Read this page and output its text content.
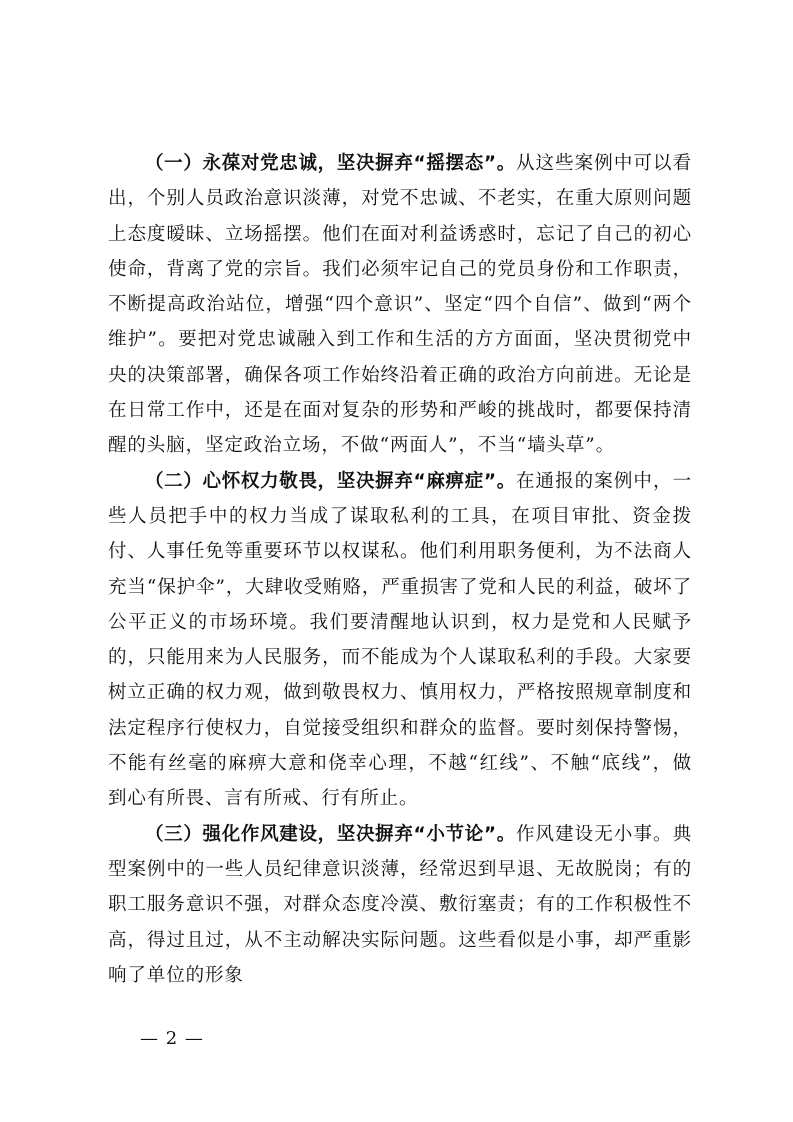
（一）永葆对党忠诚，坚决摒弃“摇摆态”。从这些案例中可以看出，个别人员政治意识淡薄，对党不忠诚、不老实，在重大原则问题上态度暧昧、立场摇摆。他们在面对利益诱惑时，忘记了自己的初心使命，背离了党的宗旨。我们必须牢记自己的党员身份和工作职责，不断提高政治站位，增强“四个意识”、坚定“四个自信”、做到“两个维护”。要把对党忠诚融入到工作和生活的方方面面，坚决贯彻党中央的决策部署，确保各项工作始终沿着正确的政治方向前进。无论是在日常工作中，还是在面对复杂的形势和严峻的挑战时，都要保持清醒的头脑，坚定政治立场，不做“两面人”，不当“墙头草”。

（二）心怀权力敬畏，坚决摒弃“麻痹症”。在通报的案例中，一些人员把手中的权力当成了谋取私利的工具，在项目审批、资金拨付、人事任免等重要环节以权谋私。他们利用职务便利，为不法商人充当“保护伞”，大肆收受贿赂，严重损害了党和人民的利益，破坏了公平正义的市场环境。我们要清醒地认识到，权力是党和人民赋予的，只能用来为人民服务，而不能成为个人谋取私利的手段。大家要树立正确的权力观，做到敬畏权力、慎用权力，严格按照规章制度和法定程序行使权力，自觉接受组织和群众的监督。要时刻保持警惕，不能有丝毫的麻痹大意和侥幸心理，不越“红线”、不触“底线”，做到心有所畏、言有所戒、行有所止。

（三）强化作风建设，坚决摒弃“小节论”。作风建设无小事。典型案例中的一些人员纪律意识淡薄，经常迟到早退、无故脱岗；有的职工服务意识不强，对群众态度冷漠、敷衍塞责；有的工作积极性不高，得过且过，从不主动解决实际问题。这些看似是小事，却严重影响了单位的形象

— 2 —
